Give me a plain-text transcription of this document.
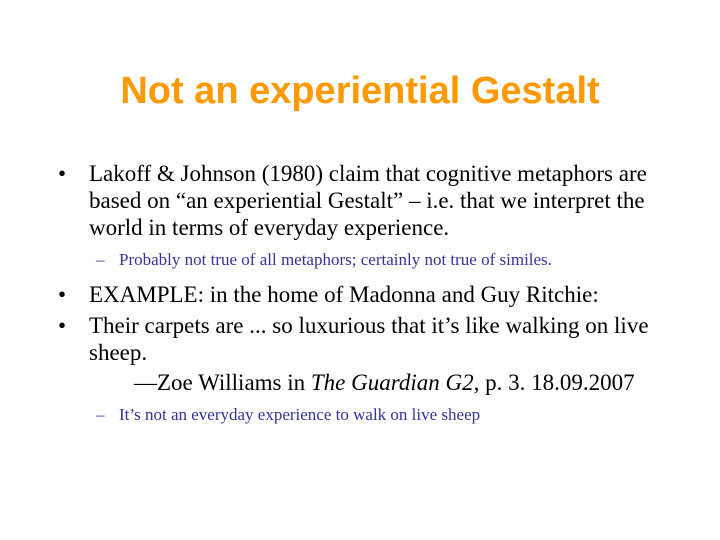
Not an experiential Gestalt

• Lakoff & Johnson (1980) claim that cognitive metaphors are based on “an experiential Gestalt” – i.e. that we interpret the world in terms of everyday experience.

– Probably not true of all metaphors; certainly not true of similes.

• EXAMPLE: in the home of Madonna and Guy Ritchie:

• Their carpets are ... so luxurious that it’s like walking on live sheep.

—Zoe Williams in The Guardian G2, p. 3. 18.09.2007

– It’s not an everyday experience to walk on live sheep
